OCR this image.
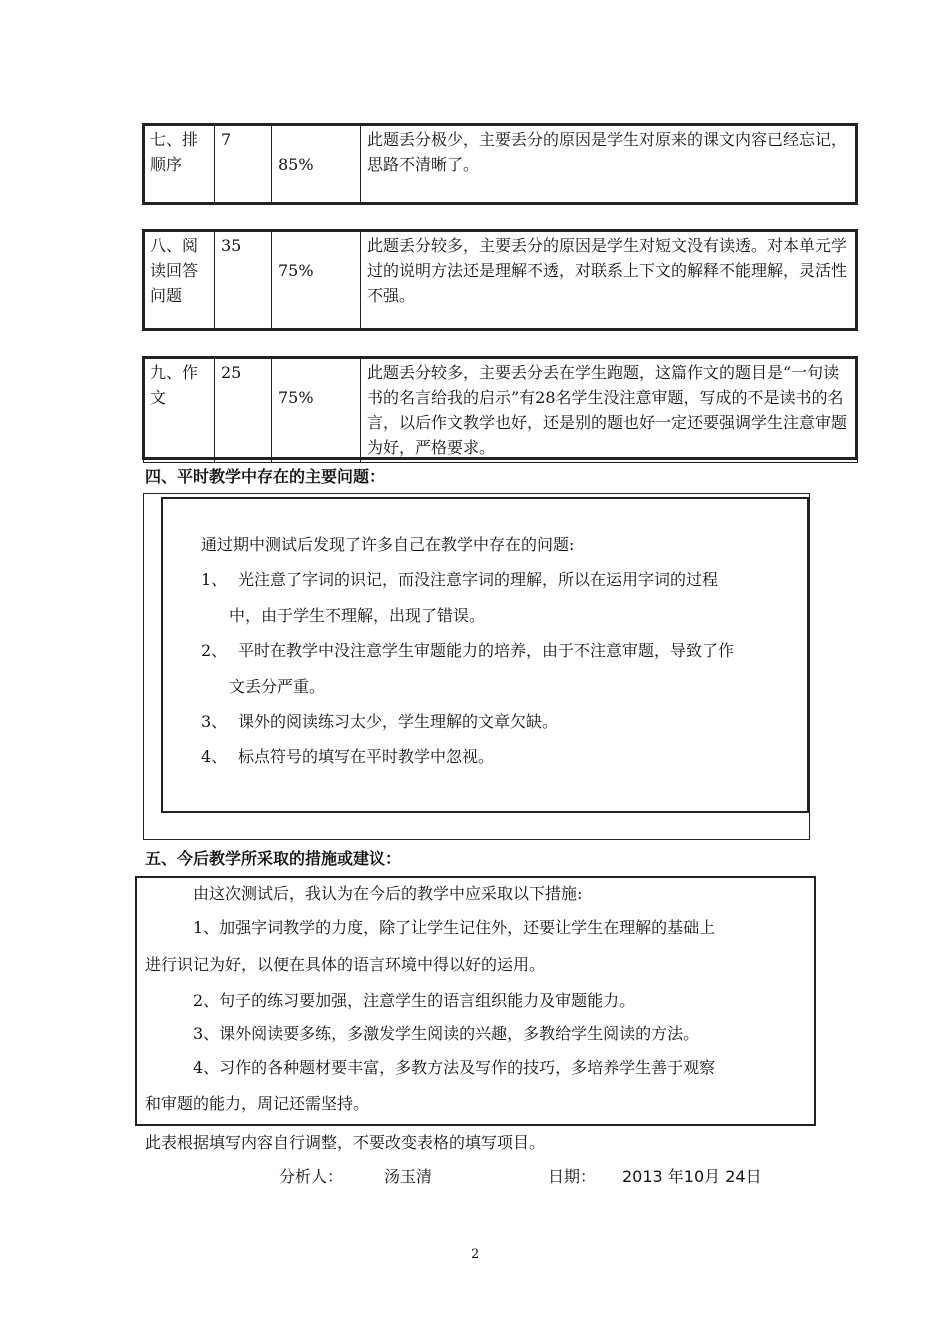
七、排顺序	7	85%	此题丢分极少，主要丢分的原因是学生对原来的课文内容已经忘记，思路不清晰了。
八、阅读回答问题	35	75%	此题丢分较多，主要丢分的原因是学生对短文没有读透。对本单元学过的说明方法还是理解不透，对联系上下文的解释不能理解，灵活性不强。
九、作文	25	75%	此题丢分较多，主要丢分丢在学生跑题，这篇作文的题目是“一句读书的名言给我的启示”有28名学生没注意审题，写成的不是读书的名言，以后作文教学也好，还是别的题也好一定还要强调学生注意审题为好，严格要求。
四、平时教学中存在的主要问题：
通过期中测试后发现了许多自己在教学中存在的问题:
1、 光注意了字词的识记，而没注意字词的理解，所以在运用字词的过程
中，由于学生不理解，出现了错误。
2、 平时在教学中没注意学生审题能力的培养，由于不注意审题，导致了作
文丢分严重。
3、 课外的阅读练习太少，学生理解的文章欠缺。
4、 标点符号的填写在平时教学中忽视。
五、今后教学所采取的措施或建议：
由这次测试后，我认为在今后的教学中应采取以下措施:
1、加强字词教学的力度，除了让学生记住外，还要让学生在理解的基础上
进行识记为好，以便在具体的语言环境中得以好的运用。
2、句子的练习要加强，注意学生的语言组织能力及审题能力。
3、课外阅读要多练，多激发学生阅读的兴趣，多教给学生阅读的方法。
4、习作的各种题材要丰富，多教方法及写作的技巧，多培养学生善于观察
和审题的能力，周记还需坚持。
此表根据填写内容自行调整，不要改变表格的填写项目。
分析人：	汤玉清	日期： 2013 年10月 24日
2
